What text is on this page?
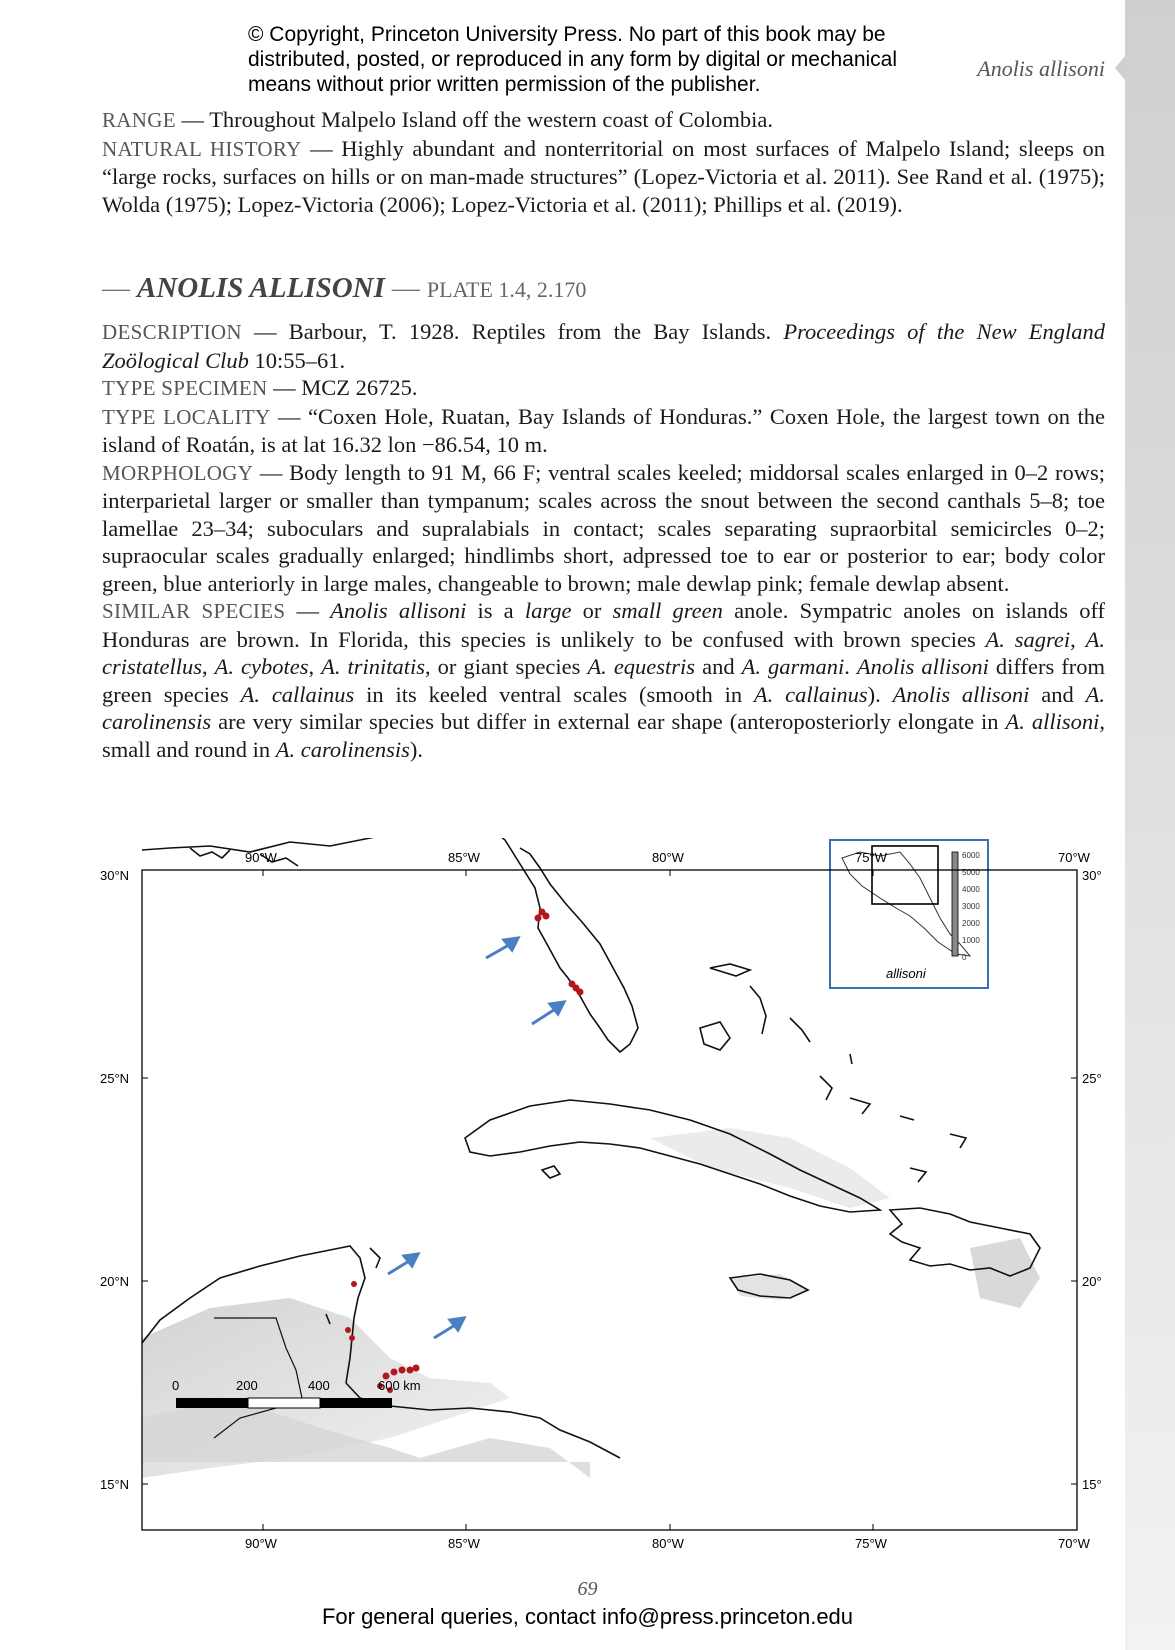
© Copyright, Princeton University Press. No part of this book may be distributed, posted, or reproduced in any form by digital or mechanical means without prior written permission of the publisher.
Anolis allisoni
RANGE — Throughout Malpelo Island off the western coast of Colombia.
NATURAL HISTORY — Highly abundant and nonterritorial on most surfaces of Malpelo Island; sleeps on “large rocks, surfaces on hills or on man-made structures” (Lopez-Victoria et al. 2011). See Rand et al. (1975); Wolda (1975); Lopez-Victoria (2006); Lopez-Victoria et al. (2011); Phillips et al. (2019).
— ANOLIS ALLISONI — PLATE 1.4, 2.170
DESCRIPTION — Barbour, T. 1928. Reptiles from the Bay Islands. Proceedings of the New England Zoölogical Club 10:55–61.
TYPE SPECIMEN — MCZ 26725.
TYPE LOCALITY — “Coxen Hole, Ruatan, Bay Islands of Honduras.” Coxen Hole, the largest town on the island of Roatán, is at lat 16.32 lon −86.54, 10 m.
MORPHOLOGY — Body length to 91 M, 66 F; ventral scales keeled; middorsal scales enlarged in 0–2 rows; interparietal larger or smaller than tympanum; scales across the snout between the second canthals 5–8; toe lamellae 23–34; suboculars and supralabials in contact; scales separating supraorbital semicircles 0–2; supraocular scales gradually enlarged; hindlimbs short, adpressed toe to ear or posterior to ear; body color green, blue anteriorly in large males, changeable to brown; male dewlap pink; female dewlap absent.
SIMILAR SPECIES — Anolis allisoni is a large or small green anole. Sympatric anoles on islands off Honduras are brown. In Florida, this species is unlikely to be confused with brown species A. sagrei, A. cristatellus, A. cybotes, A. trinitatis, or giant species A. equestris and A. garmani. Anolis allisoni differs from green species A. callainus in its keeled ventral scales (smooth in A. callainus). Anolis allisoni and A. carolinensis are very similar species but differ in external ear shape (anteroposteriorly elongate in A. allisoni, small and round in A. carolinensis).
allisoni
6000
5000
4000
3000
2000
1000
0
0	200	400	600 km
90°W	85°W	80°W	75°W	70°W
90°W	85°W	80°W	75°W	70°W
30°N
25°N
20°N
15°N
30°
25°
20°
15°
69
For general queries, contact info@press.princeton.edu
